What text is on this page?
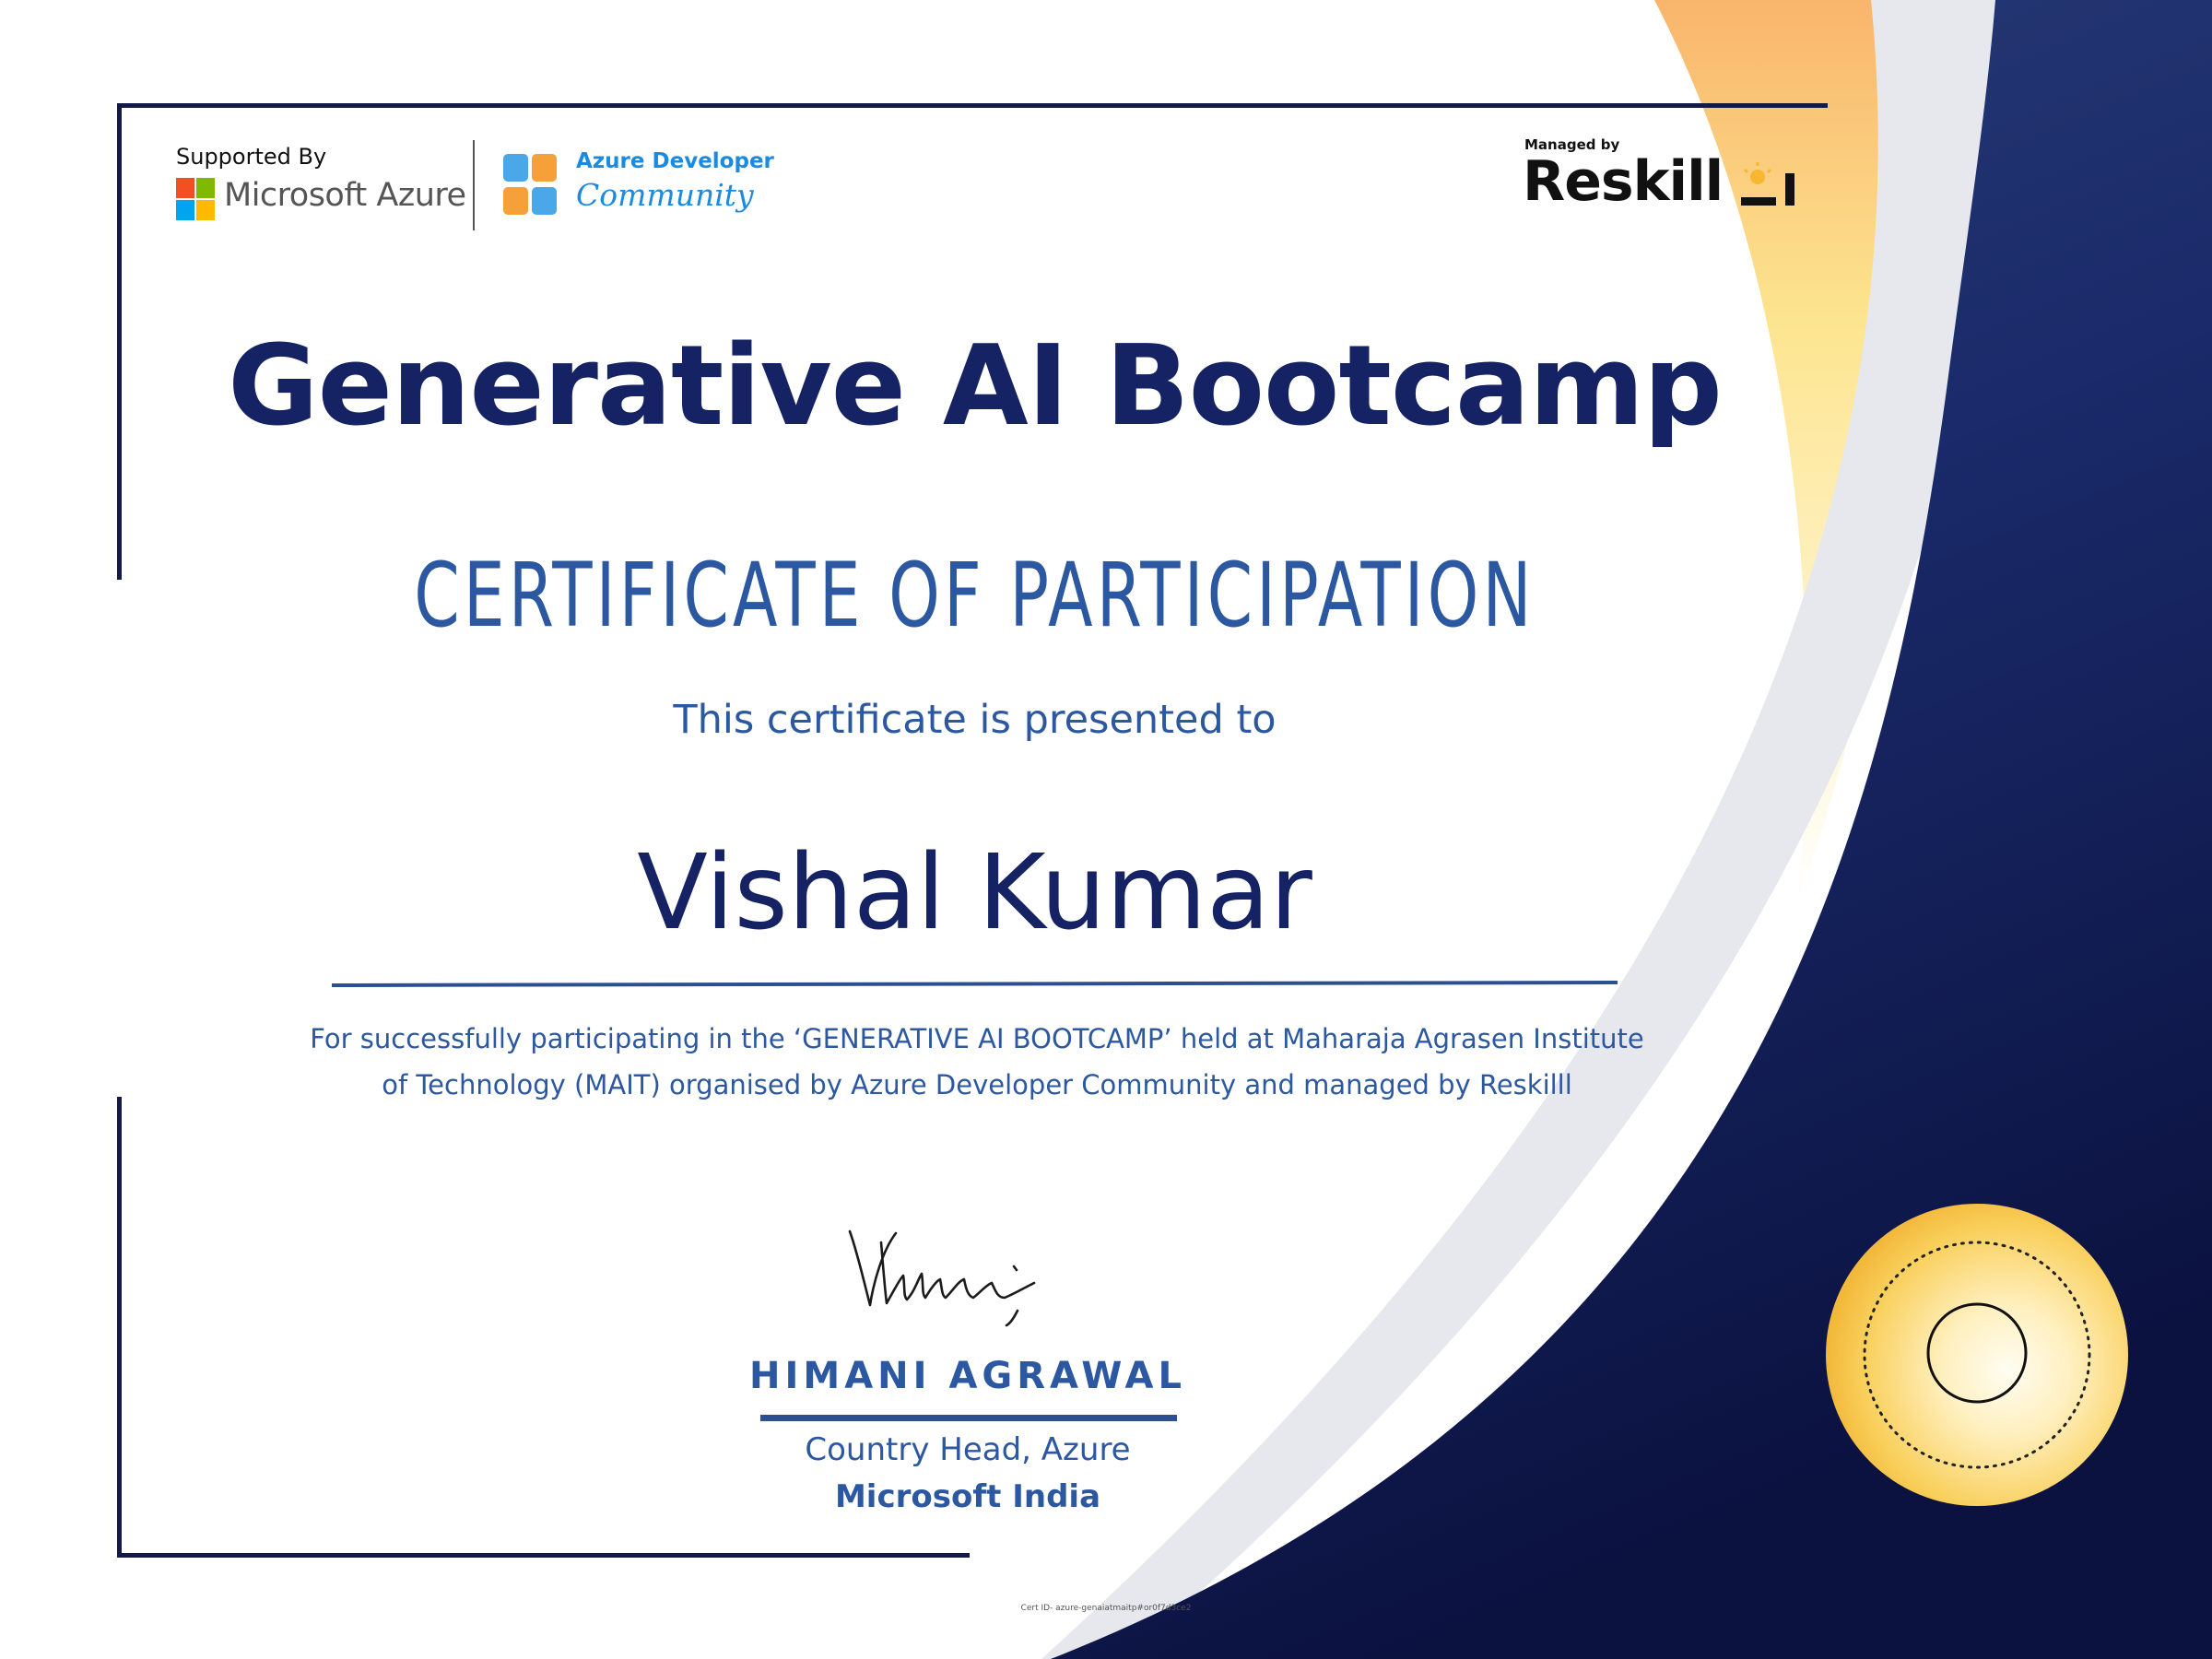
Supported By
Microsoft Azure
Azure Developer
Community
Managed by
Reskill
Generative AI Bootcamp
CERTIFICATE OF PARTICIPATION
This certificate is presented to
Vishal Kumar
For successfully participating in the ‘GENERATIVE AI BOOTCAMP’ held at Maharaja Agrasen Institute
of Technology (MAIT) organised by Azure Developer Community and managed by Reskilll
HIMANI AGRAWAL
Country Head, Azure
Microsoft India
Cert ID- azure-genaiatmaitp#or0f7d3ce2
